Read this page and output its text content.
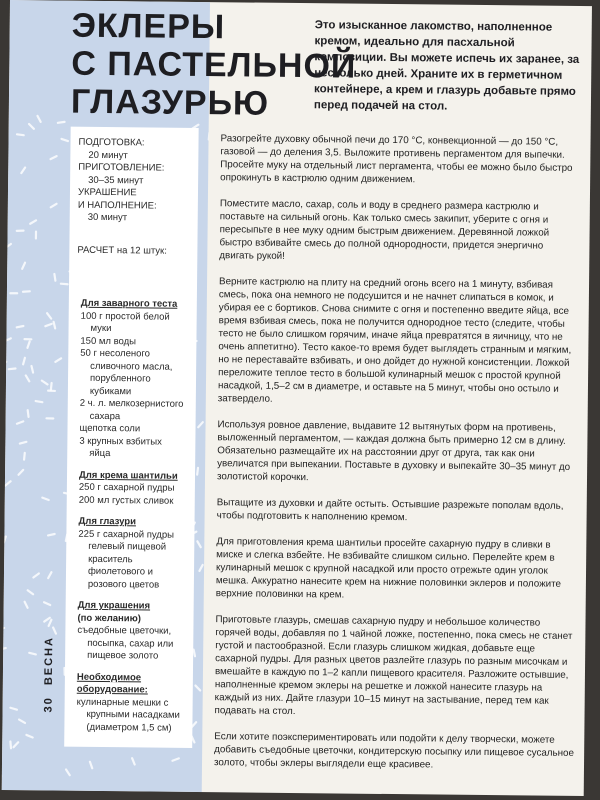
ЭКЛЕРЫ
С ПАСТЕЛЬНОЙ
ГЛАЗУРЬЮ
Это изысканное лакомство, наполненное кремом, идеально для пасхальной композиции. Вы можете испечь их заранее, за несколько дней. Храните их в герметичном контейнере, а крем и глазурь добавьте прямо перед подачей на стол.
ПОДГОТОВКА:
20 минут
ПРИГОТОВЛЕНИЕ:
30–35 минут
УКРАШЕНИЕ
И НАПОЛНЕНИЕ:
30 минут
РАСЧЕТ на 12 штук:
Для заварного теста
100 г простой белой муки
150 мл воды
50 г несоленого сливочного масла, порубленного кубиками
2 ч. л. мелкозернистого сахара
щепотка соли
3 крупных взбитых яйца
Для крема шантильи
250 г сахарной пудры
200 мл густых сливок
Для глазури
225 г сахарной пудры гелевый пищевой краситель фиолетового и розового цветов
Для украшения
(по желанию)
съедобные цветочки, посыпка, сахар или пищевое золото
Необходимое оборудование:
кулинарные мешки с крупными насадками (диаметром 1,5 см)
30 ВЕСНА

Разогрейте духовку обычной печи до 170 °С, конвекционной — до 150 °С, газовой — до деления 3,5. Выложите противень пергаментом для выпечки. Просейте муку на отдельный лист пергамента, чтобы ее можно было быстро опрокинуть в кастрюлю одним движением.

Поместите масло, сахар, соль и воду в среднего размера кастрюлю и поставьте на сильный огонь. Как только смесь закипит, уберите с огня и пересыпьте в нее муку одним быстрым движением. Деревянной ложкой быстро взбивайте смесь до полной однородности, придется энергично двигать рукой!

Верните кастрюлю на плиту на средний огонь всего на 1 минуту, взбивая смесь, пока она немного не подсушится и не начнет слипаться в комок, и убирая ее с бортиков. Снова снимите с огня и постепенно введите яйца, все время взбивая смесь, пока не получится однородное тесто (следите, чтобы тесто не было слишком горячим, иначе яйца превратятся в яичницу, что не очень аппетитно). Тесто какое-то время будет выглядеть странным и мягким, но не переставайте взбивать, и оно дойдет до нужной консистенции. Ложкой переложите теплое тесто в большой кулинарный мешок с простой крупной насадкой, 1,5–2 см в диаметре, и оставьте на 5 минут, чтобы оно остыло и затвердело.

Используя ровное давление, выдавите 12 вытянутых форм на противень, выложенный пергаментом, — каждая должна быть примерно 12 см в длину. Обязательно размещайте их на расстоянии друг от друга, так как они увеличатся при выпекании. Поставьте в духовку и выпекайте 30–35 минут до золотистой корочки.

Вытащите из духовки и дайте остыть. Остывшие разрежьте пополам вдоль, чтобы подготовить к наполнению кремом.

Для приготовления крема шантильи просейте сахарную пудру в сливки в миске и слегка взбейте. Не взбивайте слишком сильно. Перелейте крем в кулинарный мешок с крупной насадкой или просто отрежьте один уголок мешка. Аккуратно нанесите крем на нижние половинки эклеров и положите верхние половинки на крем.

Приготовьте глазурь, смешав сахарную пудру и небольшое количество горячей воды, добавляя по 1 чайной ложке, постепенно, пока смесь не станет густой и пастообразной. Если глазурь слишком жидкая, добавьте еще сахарной пудры. Для разных цветов разлейте глазурь по разным мисочкам и вмешайте в каждую по 1–2 капли пищевого красителя. Разложите остывшие, наполненные кремом эклеры на решетке и ложкой нанесите глазурь на каждый из них. Дайте глазури 10–15 минут на застывание, перед тем как подавать на стол.

Если хотите поэкспериментировать или подойти к делу творчески, можете добавить съедобные цветочки, кондитерскую посыпку или пищевое сусальное золото, чтобы эклеры выглядели еще красивее.
